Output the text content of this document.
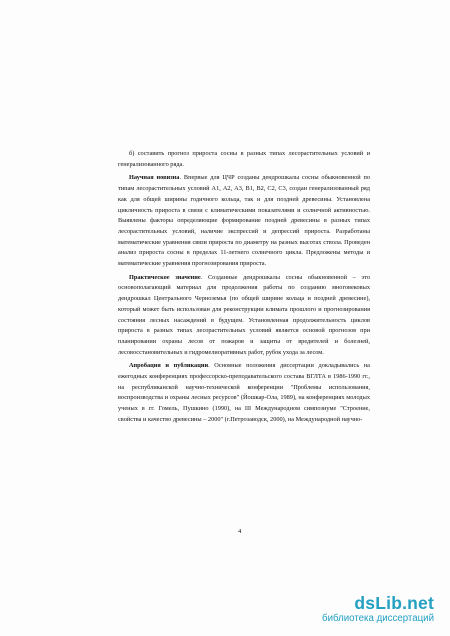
б) составить прогноз прироста сосны в разных типах лесорастительных условий и генерализованного ряда.

Научная новизна. Впервые для ЦЧР созданы дендрошкалы сосны обыкновенной по типам лесорастительных условий А1, А2, А3, В1, В2, С2, С3, создан генерализованный ряд как для общей ширины годичного кольца, так и для поздней древесины. Установлена цикличность прироста в связи с климатическими показателями и солнечной активностью. Выявлены факторы определяющие формирование поздней древесины в разных типах лесорастительных условий, наличие экспрессий и депрессий прироста. Разработаны математические уравнения связи прироста по диаметру на разных высотах ствола. Проведен анализ прироста сосны в пределах 11-летнего солнечного цикла. Предложены методы и математические уравнения прогнозирования прироста.

Практическое значение. Созданные дендрошкалы сосны обыкновенной – это основополагающий материал для продолжения работы по созданию многовековых дендрошкал Центрального Черноземья (по общей ширине кольца и поздней древесине), который может быть использован для реконструкции климата прошлого и прогнозирования состояния лесных насаждений в будущем. Установленная продолжительность циклов прироста в разных типах лесорастительных условий является основой прогнозов при планировании охраны лесов от пожаров и защиты от вредителей и болезней, лесовосстановительных и гидромелиоративных работ, рубок ухода за лесом.

Апробация и публикации. Основные положения диссертации докладывались на ежегодных конференциях профессорско-преподавательского состава ВГЛТА в 1986-1990 гг., на республиканской научно-технической конференции "Проблемы использования, воспроизводства и охраны лесных ресурсов" (Йошкар-Ола, 1989), на конференциях молодых ученых в гг. Гомель, Пушкино (1990), на III Международном симпозиуме "Строение, свойства и качество древесины – 2000" (г.Петрозаводск, 2000), на Международной научно-

4
dsLib.net
библиотека диссертаций
